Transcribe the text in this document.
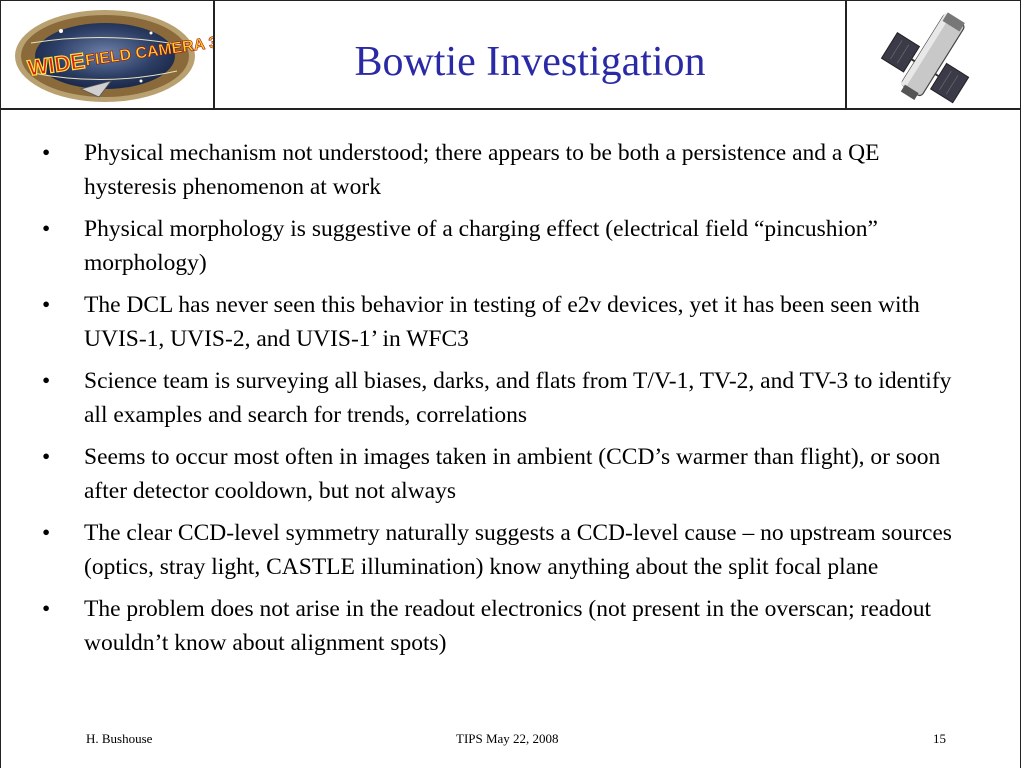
WIDE
FIELD CAMERA 3	Bowtie Investigation
• Physical mechanism not understood; there appears to be both a persistence and a QE hysteresis phenomenon at work
• Physical morphology is suggestive of a charging effect (electrical field “pincushion” morphology)
• The DCL has never seen this behavior in testing of e2v devices, yet it has been seen with UVIS-1, UVIS-2, and UVIS-1’ in WFC3
• Science team is surveying all biases, darks, and flats from T/V-1, TV-2, and TV-3 to identify all examples and search for trends, correlations
• Seems to occur most often in images taken in ambient (CCD’s warmer than flight), or soon after detector cooldown, but not always
• The clear CCD-level symmetry naturally suggests a CCD-level cause – no upstream sources (optics, stray light, CASTLE illumination) know anything about the split focal plane
• The problem does not arise in the readout electronics (not present in the overscan; readout wouldn’t know about alignment spots)
H. Bushouse	TIPS May 22, 2008	15
